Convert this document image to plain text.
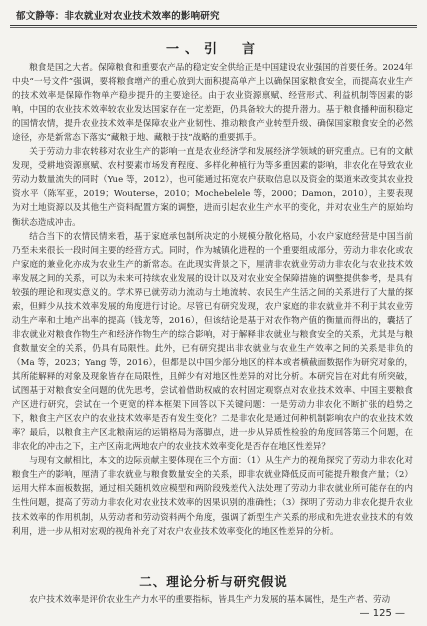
郁文静等：非农就业对农业技术效率的影响研究
一、引　言

粮食是国之大者。保障粮食和重要农产品的稳定安全供给正是中国建设农业强国的首要任务。2024年中央“一号文件”强调，要将粮食增产的重心放到大面积提高单产上以确保国家粮食安全，而提高农业生产的技术效率是保障作物单产稳步提升的主要途径。由于农业资源禀赋、经营形式、利益机制等因素的影响，中国的农业技术效率较农业发达国家存在一定差距，仍具备较大的提升潜力。基于粮食播种面积稳定的国情农情，提升农业技术效率是保障农业产业韧性、推动粮食产业转型升级、确保国家粮食安全的必然途径，亦是新常态下落实“藏粮于地、藏粮于技”战略的重要抓手。

关于劳动力非农转移对农业生产的影响一直是农业经济学和发展经济学领域的研究重点。已有的文献发现，受耕地资源禀赋、农村要素市场发育程度、多样化种植行为等多重因素的影响，非农化在导致农业劳动力数量流失的同时（Yue 等，2012），也可能通过拓宽农户获取信息以及资金的渠道来改变其农业投资水平（陈军亚，2019；Wouterse，2010；Mochebelele 等，2000；Damon，2010），主要表现为对土地资源以及其他生产资料配置方案的调整，进而引起农业生产水平的变化，并对农业生产的原始均衡状态造成冲击。

结合当下的农情民情来看，基于家庭承包制所决定的小规模分散化格局，小农户家庭经营是中国当前乃至未来很长一段时间主要的经营方式。同时，作为城镇化进程的一个重要组成部分，劳动力非农化或农户家庭的兼业化亦成为农业生产的新常态。在此现实背景之下，厘清非农就业劳动力非农化与农业技术效率发展之间的关系，可以为未来可持续农业发展的设计以及对农业安全保障措施的调整提供参考，是具有较强的理论和现实意义的。学术界已就劳动力流动与土地流转、农民生产生活之间的关系进行了大量的探索，但鲜少从技术效率发展的角度进行讨论。尽管已有研究发现，农户家庭的非农就业并不利于其农业劳动生产率和土地产出率的提高（钱龙等，2016），但该结论是基于对农作物产值的衡量而得出的，囊括了非农就业对粮食作物生产和经济作物生产的综合影响，对于解释非农就业与粮食安全的关系，尤其是与粮食数量安全的关系，仍具有局限性。此外，已有研究提出非农就业与农业生产效率之间的关系是非负的（Ma 等，2023；Yang 等，2016），但都是以中国少部分地区的样本或者横截面数据作为研究对象的，其所能解释的对象及现象皆存在局限性，且鲜少有对地区性差异的对比分析。本研究旨在对此有所突破，试图基于对粮食安全问题的优先思考，尝试着借助权威的农村固定观察点对农业技术效率、中国主要粮食产区进行研究，尝试在一个更宽的样本框架下回答以下关键问题：一是劳动力非农化不断扩张的趋势之下，粮食主产区农户的农业技术效率是否有发生变化？二是非农化是通过何种机制影响农户的农业技术效率？最后，以粮食主产区北粮南运的运销格局为落脚点，进一步从异质性检验的角度回答第三个问题，在非农化的冲击之下，主产区南北两地农户的农业技术效率变化是否存在地区性差异？

与现有文献相比，本文的边际贡献主要体现在三个方面：（1）从生产力的视角探究了劳动力非农化对粮食生产的影响，厘清了非农就业与粮食数量安全的关系，即非农就业降低反而可能提升粮食产量；（2）运用大样本面板数据，通过相关随机效应模型和两阶段残差代入法处理了劳动力非农就业所可能存在的内生性问题，提高了劳动力非农化对农业技术效率的因果识别的准确性；（3）探明了劳动力非农化提升农业技术效率的作用机制，从劳动者和劳动资料两个角度，强调了新型生产关系的形成和先进农业技术的有效利用，进一步从相对宏观的视角补充了对农户农业技术效率变化的地区性差异的分析。

二、理论分析与研究假说

农户技术效率是评价农业生产力水平的重要指标，皆具生产力发展的基本属性，是生产者、劳动

— 125 —
